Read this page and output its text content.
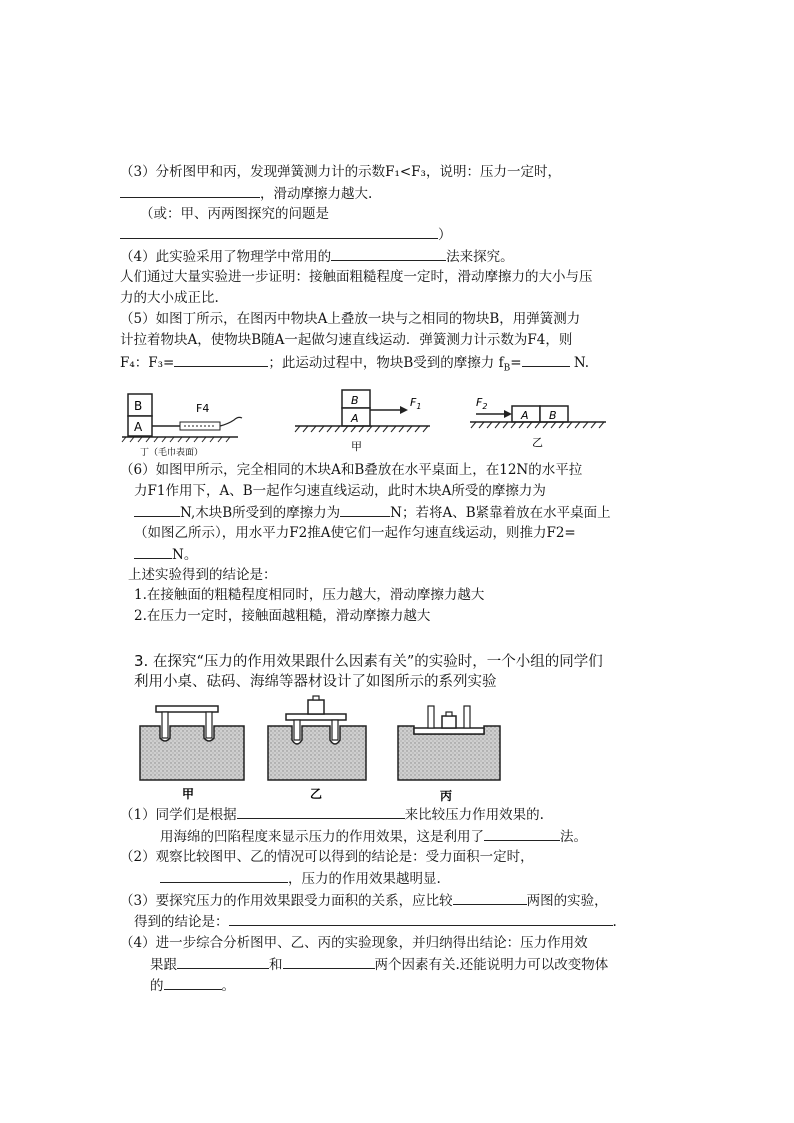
（3）分析图甲和丙，发现弹簧测力计的示数F₁<F₃，说明：压力一定时，
，滑动摩擦力越大.
（或：甲、丙两图探究的问题是
）
（4）此实验采用了物理学中常用的	法来探究。
人们通过大量实验进一步证明：接触面粗糙程度一定时，滑动摩擦力的大小与压
力的大小成正比.
（5）如图丁所示，在图丙中物块A上叠放一块与之相同的物块B，用弹簧测力
计拉着物块A，使物块B随A一起做匀速直线运动．弹簧测力计示数为F4，则
F₄：F₃=	；此运动过程中，物块B受到的摩擦力 $f_B=$	N.
B
A
F4
丁（毛巾表面）
B
A
$F_1$
甲
$F_2$
A B
乙
（6）如图甲所示，完全相同的木块A和B叠放在水平桌面上，在12N的水平拉
力F1作用下，A、B一起作匀速直线运动，此时木块A所受的摩擦力为
N,木块B所受到的摩擦力为	N；若将A、B紧靠着放在水平桌面上
（如图乙所示），用水平力F2推A使它们一起作匀速直线运动，则推力F2=
N。
上述实验得到的结论是：
1.在接触面的粗糙程度相同时，压力越大，滑动摩擦力越大
2.在压力一定时，接触面越粗糙，滑动摩擦力越大
3. 在探究“压力的作用效果跟什么因素有关”的实验时，一个小组的同学们
利用小桌、砝码、海绵等器材设计了如图所示的系列实验
甲	乙	丙
（1）同学们是根据	来比较压力作用效果的.
用海绵的凹陷程度来显示压力的作用效果，这是利用了	法。
（2）观察比较图甲、乙的情况可以得到的结论是：受力面积一定时，
，压力的作用效果越明显.
（3）要探究压力的作用效果跟受力面积的关系，应比较	两图的实验，
得到的结论是：	.
（4）进一步综合分析图甲、乙、丙的实验现象，并归纳得出结论：压力作用效
果跟	和	两个因素有关.还能说明力可以改变物体
的	。
